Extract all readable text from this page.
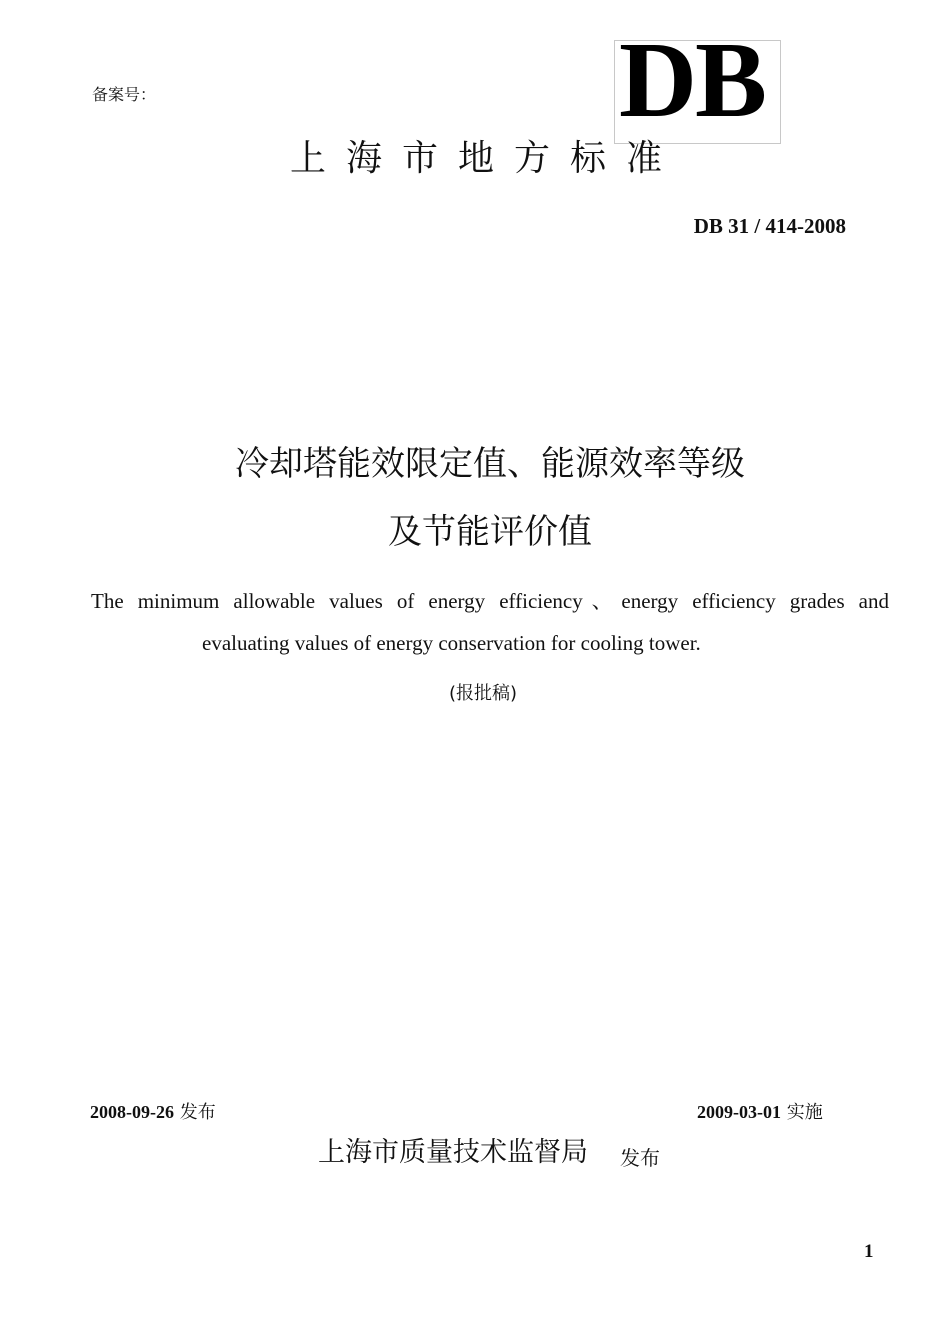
备案号：	DB
上海市地方标准
DB 31 / 414-2008
冷却塔能效限定值、能源效率等级
及节能评价值
The minimum allowable values of energy efficiency、energy efficiency grades and
evaluating values of energy conservation for cooling tower.
(报批稿)
2008-09-26 发布	2009-03-01 实施
上海市质量技术监督局 发布
1
